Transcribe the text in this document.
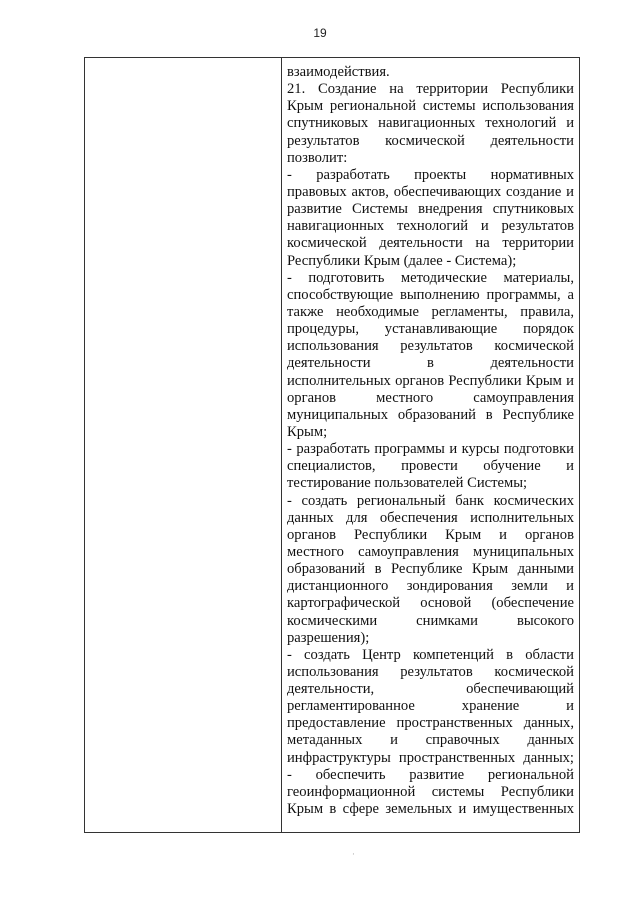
19
взаимодействия.
21. Создание на территории Республики
Крым региональной системы использования
спутниковых навигационных технологий и
результатов космической деятельности
позволит:
- разработать проекты нормативных
правовых актов, обеспечивающих создание и
развитие Системы внедрения спутниковых
навигационных технологий и результатов
космической деятельности на территории
Республики Крым (далее - Система);
- подготовить методические материалы,
способствующие выполнению программы, а
также необходимые регламенты, правила,
процедуры, устанавливающие порядок
использования результатов космической
деятельности в деятельности
исполнительных органов Республики Крым и
органов местного самоуправления
муниципальных образований в Республике
Крым;
- разработать программы и курсы подготовки
специалистов, провести обучение и
тестирование пользователей Системы;
- создать региональный банк космических
данных для обеспечения исполнительных
органов Республики Крым и органов
местного самоуправления муниципальных
образований в Республике Крым данными
дистанционного зондирования земли и
картографической основой (обеспечение
космическими снимками высокого
разрешения);
- создать Центр компетенций в области
использования результатов космической
деятельности, обеспечивающий
регламентированное хранение и
предоставление пространственных данных,
метаданных и справочных данных
инфраструктуры пространственных данных;
- обеспечить развитие региональной
геоинформационной системы Республики
Крым в сфере земельных и имущественных
·
